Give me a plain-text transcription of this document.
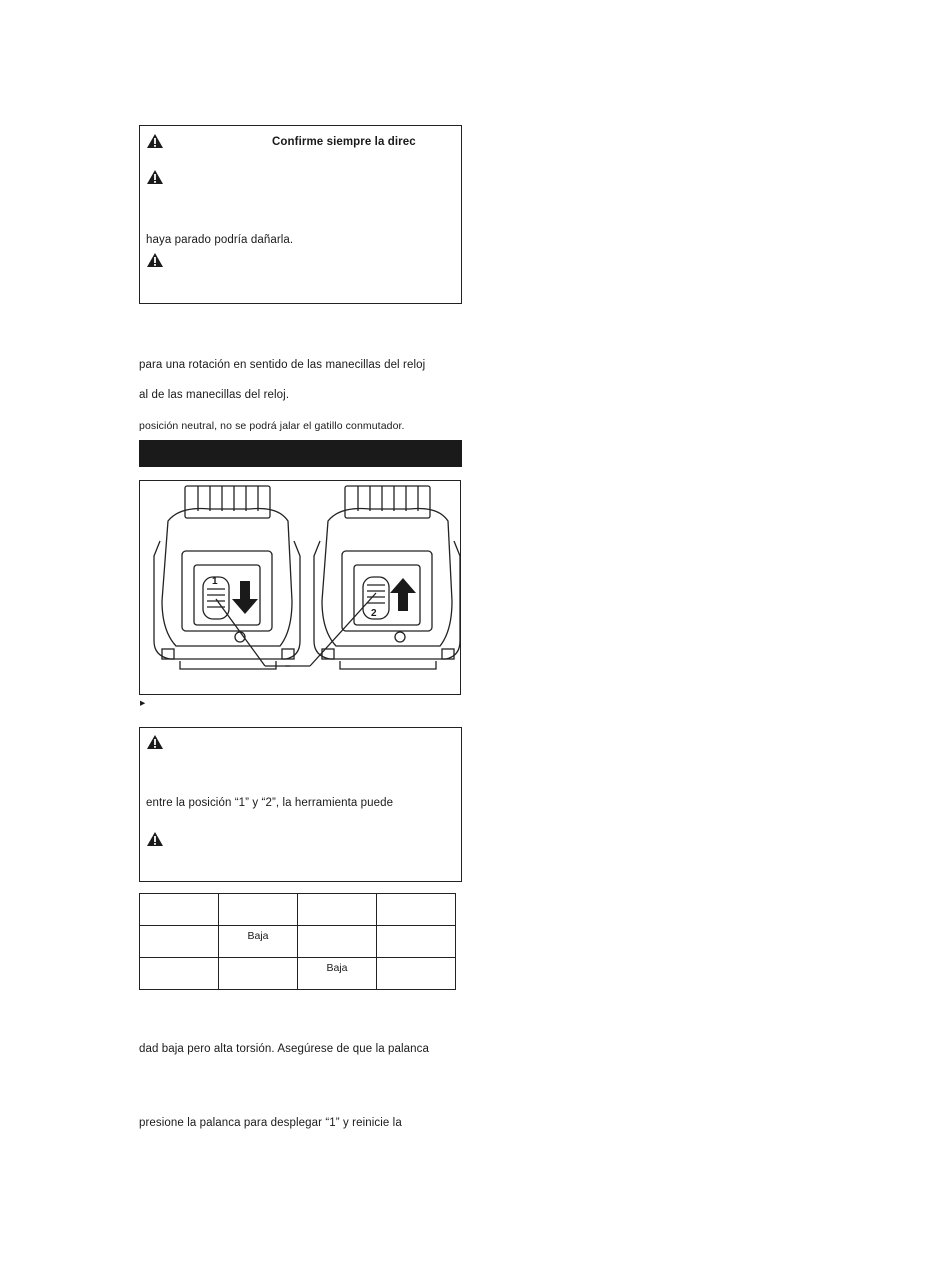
Confirme siempre la direc
haya parado podría dañarla.
para una rotación en sentido de las manecillas del reloj
al de las manecillas del reloj.
posición neutral, no se podrá jalar el gatillo conmutador.
1
2
▸
entre la posición “1” y “2”, la herramienta puede

	Baja		
		Baja	
dad baja pero alta torsión. Asegúrese de que la palanca
presione la palanca para desplegar “1” y reinicie la
